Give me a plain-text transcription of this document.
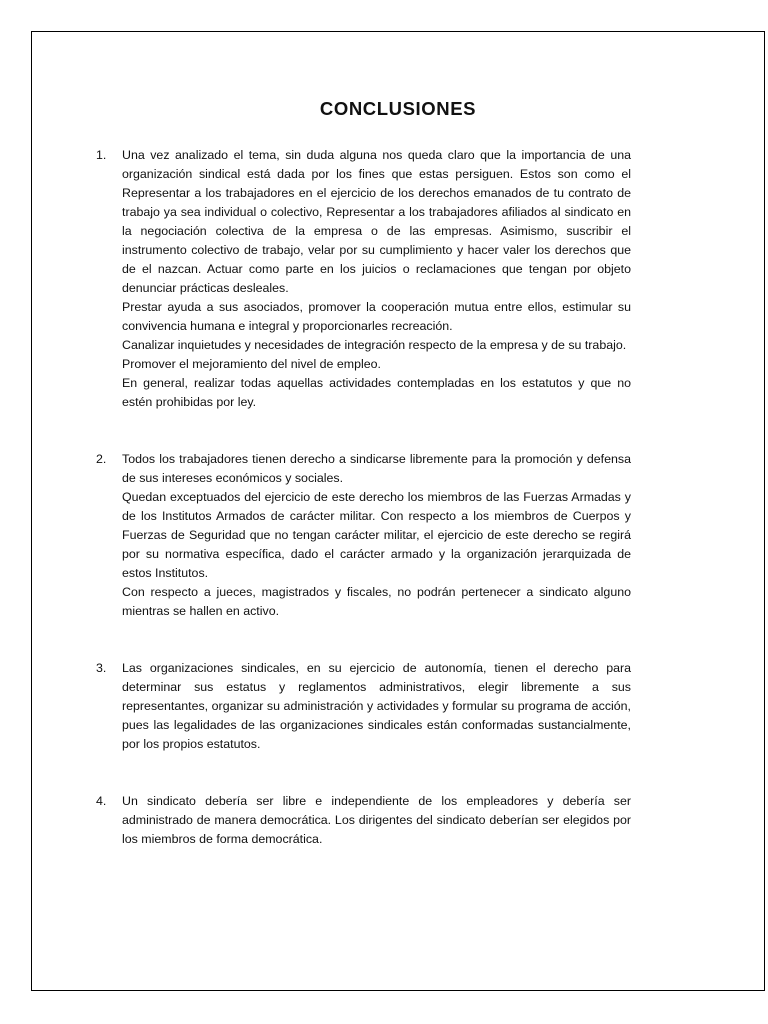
CONCLUSIONES
1. Una vez analizado el tema, sin duda alguna nos queda claro que la importancia de una organización sindical está dada por los fines que estas persiguen. Estos son como el Representar a los trabajadores en el ejercicio de los derechos emanados de tu contrato de trabajo ya sea individual o colectivo, Representar a los trabajadores afiliados al sindicato en la negociación colectiva de la empresa o de las empresas. Asimismo, suscribir el instrumento colectivo de trabajo, velar por su cumplimiento y hacer valer los derechos que de el nazcan. Actuar como parte en los juicios o reclamaciones que tengan por objeto denunciar prácticas desleales.

Prestar ayuda a sus asociados, promover la cooperación mutua entre ellos, estimular su convivencia humana e integral y proporcionarles recreación.

Canalizar inquietudes y necesidades de integración respecto de la empresa y de su trabajo.

Promover el mejoramiento del nivel de empleo.

En general, realizar todas aquellas actividades contempladas en los estatutos y que no estén prohibidas por ley.

2. Todos los trabajadores tienen derecho a sindicarse libremente para la promoción y defensa de sus intereses económicos y sociales.

Quedan exceptuados del ejercicio de este derecho los miembros de las Fuerzas Armadas y de los Institutos Armados de carácter militar. Con respecto a los miembros de Cuerpos y Fuerzas de Seguridad que no tengan carácter militar, el ejercicio de este derecho se regirá por su normativa específica, dado el carácter armado y la organización jerarquizada de estos Institutos.

Con respecto a jueces, magistrados y fiscales, no podrán pertenecer a sindicato alguno mientras se hallen en activo.

3. Las organizaciones sindicales, en su ejercicio de autonomía, tienen el derecho para determinar sus estatus y reglamentos administrativos, elegir libremente a sus representantes, organizar su administración y actividades y formular su programa de acción, pues las legalidades de las organizaciones sindicales están conformadas sustancialmente, por los propios estatutos.

4. Un sindicato debería ser libre e independiente de los empleadores y debería ser administrado de manera democrática. Los dirigentes del sindicato deberían ser elegidos por los miembros de forma democrática.
